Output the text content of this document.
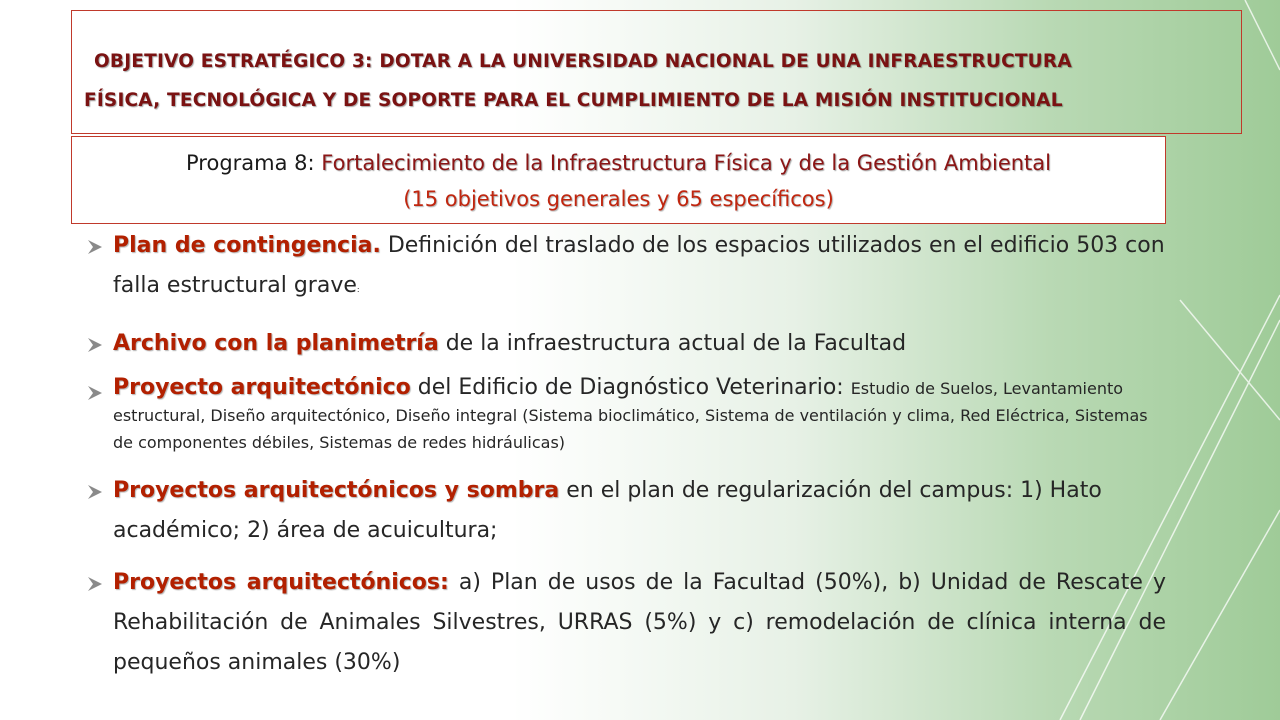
OBJETIVO ESTRATÉGICO 3: DOTAR A LA UNIVERSIDAD NACIONAL DE UNA INFRAESTRUCTURA
FÍSICA, TECNOLÓGICA Y DE SOPORTE PARA EL CUMPLIMIENTO DE LA MISIÓN INSTITUCIONAL
Programa 8: Fortalecimiento de la Infraestructura Física y de la Gestión Ambiental
(15 objetivos generales y 65 específicos)
Plan de contingencia. Definición del traslado de los espacios utilizados en el edificio 503 con falla estructural grave:
Archivo con la planimetría de la infraestructura actual de la Facultad
Proyecto arquitectónico del Edificio de Diagnóstico Veterinario: Estudio de Suelos, Levantamiento estructural, Diseño arquitectónico, Diseño integral (Sistema bioclimático, Sistema de ventilación y clima, Red Eléctrica, Sistemas de componentes débiles, Sistemas de redes hidráulicas)
Proyectos arquitectónicos y sombra en el plan de regularización del campus: 1) Hato académico; 2) área de acuicultura;
Proyectos arquitectónicos: a) Plan de usos de la Facultad (50%), b) Unidad de Rescate y Rehabilitación de Animales Silvestres, URRAS (5%) y c) remodelación de clínica interna de pequeños animales (30%)
